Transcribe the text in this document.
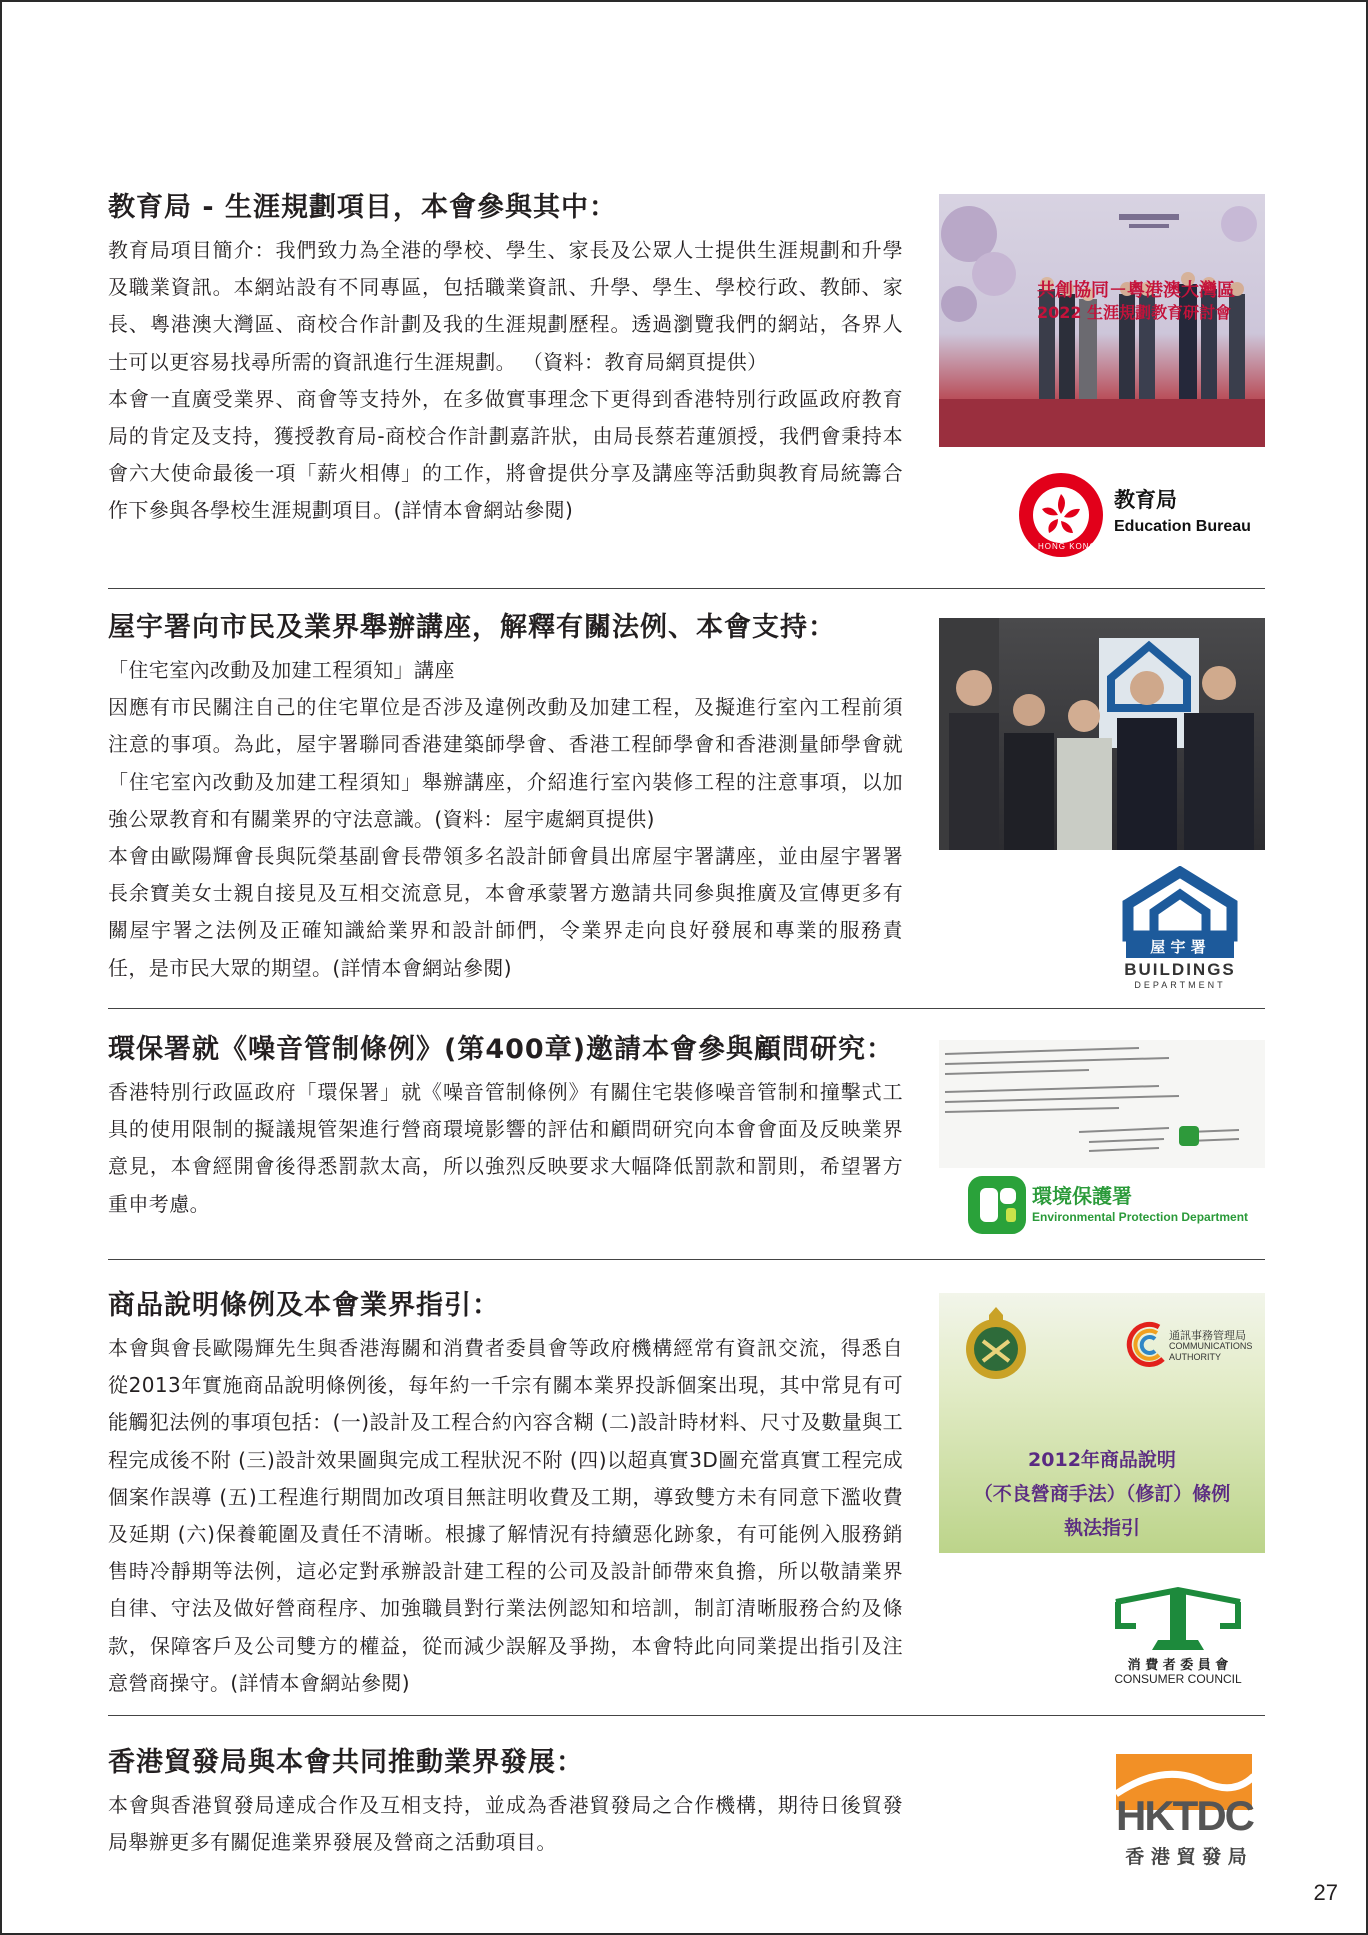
教育局 - 生涯規劃項目，本會參與其中：

教育局項目簡介：我們致力為全港的學校、學生、家長及公眾人士提供生涯規劃和升學及職業資訊。本網站設有不同專區，包括職業資訊、升學、學生、學校行政、教師、家長、粵港澳大灣區、商校合作計劃及我的生涯規劃歷程。透過瀏覽我們的網站，各界人士可以更容易找尋所需的資訊進行生涯規劃。 （資料：教育局網頁提供）

本會一直廣受業界、商會等支持外，在多做實事理念下更得到香港特別行政區政府教育局的肯定及支持，獲授教育局-商校合作計劃嘉許狀，由局長蔡若蓮頒授，我們會秉持本會六大使命最後一項「薪火相傳」的工作，將會提供分享及講座等活動與教育局統籌合作下參與各學校生涯規劃項目。(詳情本會網站參閱)

共創協同－粵港澳大灣區
2022 生涯規劃教育研討會
HONG KONG
教育局
Education Bureau
屋宇署向市民及業界舉辦講座，解釋有關法例、本會支持：

「住宅室內改動及加建工程須知」講座

因應有市民關注自己的住宅單位是否涉及違例改動及加建工程，及擬進行室內工程前須注意的事項。為此，屋宇署聯同香港建築師學會、香港工程師學會和香港測量師學會就「住宅室內改動及加建工程須知」舉辦講座，介紹進行室內裝修工程的注意事項，以加強公眾教育和有關業界的守法意識。(資料：屋宇處網頁提供)

本會由歐陽輝會長與阮榮基副會長帶領多名設計師會員出席屋宇署講座，並由屋宇署署長余寶美女士親自接見及互相交流意見，本會承蒙署方邀請共同參與推廣及宣傳更多有關屋宇署之法例及正確知識給業界和設計師們，令業界走向良好發展和專業的服務責任，是市民大眾的期望。(詳情本會網站參閱)

屋 宇 署
BUILDINGS
DEPARTMENT
環保署就《噪音管制條例》(第400章)邀請本會參與顧問研究：

香港特別行政區政府「環保署」就《噪音管制條例》有關住宅裝修噪音管制和撞擊式工具的使用限制的擬議規管架進行營商環境影響的評估和顧問研究向本會會面及反映業界意見，本會經開會後得悉罰款太高，所以強烈反映要求大幅降低罰款和罰則，希望署方重申考慮。	環境保護署
Environmental Protection Department
商品說明條例及本會業界指引：

本會與會長歐陽輝先生與香港海關和消費者委員會等政府機構經常有資訊交流，得悉自從2013年實施商品說明條例後，每年約一千宗有關本業界投訴個案出現，其中常見有可能觸犯法例的事項包括：(一)設計及工程合約內容含糊 (二)設計時材料、尺寸及數量與工程完成後不附 (三)設計效果圖與完成工程狀況不附 (四)以超真實3D圖充當真實工程完成個案作誤導 (五)工程進行期間加改項目無註明收費及工期，導致雙方未有同意下濫收費及延期 (六)保養範圍及責任不清晰。根據了解情況有持續惡化跡象，有可能例入服務銷售時冷靜期等法例，這必定對承辦設計建工程的公司及設計師帶來負擔，所以敬請業界自律、守法及做好營商程序、加強職員對行業法例認知和培訓，制訂清晰服務合約及條款，保障客戶及公司雙方的權益，從而減少誤解及爭拗，本會特此向同業提出指引及注意營商操守。(詳情本會網站參閱)

通訊事務管理局
COMMUNICATIONS
AUTHORITY
2012年商品說明
（不良營商手法）（修訂）條例
執法指引
消 費 者 委 員 會
CONSUMER COUNCIL
香港貿發局與本會共同推動業界發展：

本會與香港貿發局達成合作及互相支持，並成為香港貿發局之合作機構，期待日後貿發局舉辦更多有關促進業界發展及營商之活動項目。

HKTDC
香 港 貿 發 局
27
